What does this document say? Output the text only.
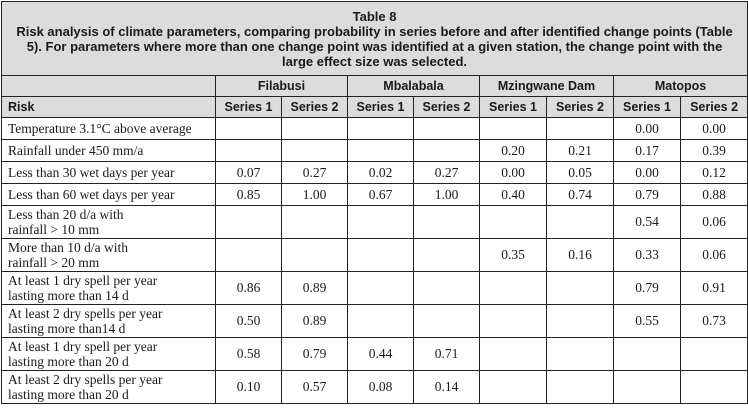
Table 8
Risk analysis of climate parameters, comparing probability in series before and after identified change points (Table 5). For parameters where more than one change point was identified at a given station, the change point with the large effect size was selected.								

	Filabusi		Mbalabala		Mzingwane Dam		Matopos	
Risk	Series 1	Series 2	Series 1	Series 2	Series 1	Series 2	Series 1	Series 2
Temperature 3.1°C above average							0.00	0.00
Rainfall under 450 mm/a					0.20	0.21	0.17	0.39
Less than 30 wet days per year	0.07	0.27	0.02	0.27	0.00	0.05	0.00	0.12
Less than 60 wet days per year	0.85	1.00	0.67	1.00	0.40	0.74	0.79	0.88
Less than 20 d/a with
rainfall > 10 mm							0.54	0.06
More than 10 d/a with
rainfall > 20 mm					0.35	0.16	0.33	0.06
At least 1 dry spell per year
lasting more than 14 d	0.86	0.89					0.79	0.91
At least 2 dry spells per year
lasting more than14 d	0.50	0.89					0.55	0.73
At least 1 dry spell per year
lasting more than 20 d	0.58	0.79	0.44	0.71				
At least 2 dry spells per year
lasting more than 20 d	0.10	0.57	0.08	0.14				
